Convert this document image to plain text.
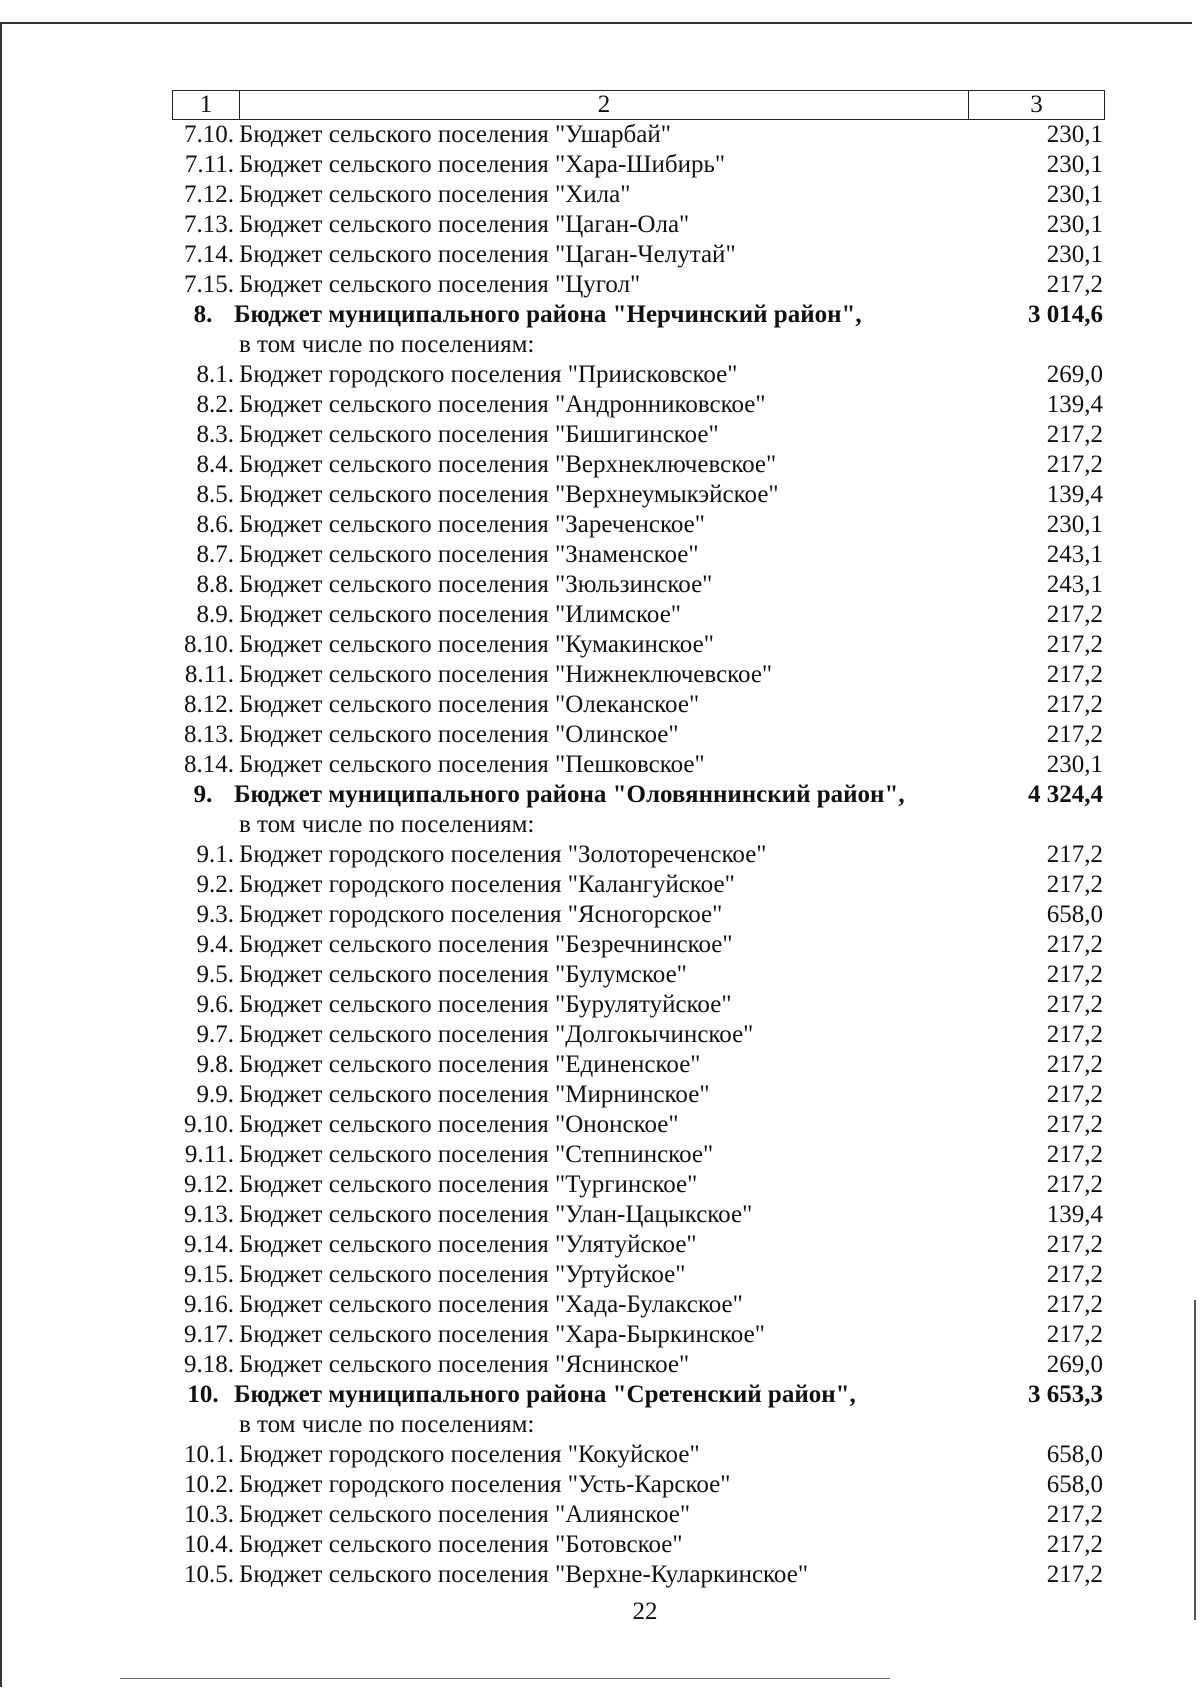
1	2	3
7.10. Бюджет сельского поселения "Ушарбай"	230,1
7.11. Бюджет сельского поселения "Хара-Шибирь"	230,1
7.12. Бюджет сельского поселения "Хила"	230,1
7.13. Бюджет сельского поселения "Цаган-Ола"	230,1
7.14. Бюджет сельского поселения "Цаган-Челутай"	230,1
7.15. Бюджет сельского поселения "Цугол"	217,2
8. Бюджет муниципального района "Нерчинский район",	3 014,6
в том числе по поселениям:
8.1. Бюджет городского поселения "Приисковское"	269,0
8.2. Бюджет сельского поселения "Андронниковское"	139,4
8.3. Бюджет сельского поселения "Бишигинское"	217,2
8.4. Бюджет сельского поселения "Верхнеключевское"	217,2
8.5. Бюджет сельского поселения "Верхнеумыкэйское"	139,4
8.6. Бюджет сельского поселения "Зареченское"	230,1
8.7. Бюджет сельского поселения "Знаменское"	243,1
8.8. Бюджет сельского поселения "Зюльзинское"	243,1
8.9. Бюджет сельского поселения "Илимское"	217,2
8.10. Бюджет сельского поселения "Кумакинское"	217,2
8.11. Бюджет сельского поселения "Нижнеключевское"	217,2
8.12. Бюджет сельского поселения "Олеканское"	217,2
8.13. Бюджет сельского поселения "Олинское"	217,2
8.14. Бюджет сельского поселения "Пешковское"	230,1
9. Бюджет муниципального района "Оловяннинский район",	4 324,4
в том числе по поселениям:
9.1. Бюджет городского поселения "Золотореченское"	217,2
9.2. Бюджет городского поселения "Калангуйское"	217,2
9.3. Бюджет городского поселения "Ясногорское"	658,0
9.4. Бюджет сельского поселения "Безречнинское"	217,2
9.5. Бюджет сельского поселения "Булумское"	217,2
9.6. Бюджет сельского поселения "Бурулятуйское"	217,2
9.7. Бюджет сельского поселения "Долгокычинское"	217,2
9.8. Бюджет сельского поселения "Единенское"	217,2
9.9. Бюджет сельского поселения "Мирнинское"	217,2
9.10. Бюджет сельского поселения "Ононское"	217,2
9.11. Бюджет сельского поселения "Степнинское"	217,2
9.12. Бюджет сельского поселения "Тургинское"	217,2
9.13. Бюджет сельского поселения "Улан-Цацыкское"	139,4
9.14. Бюджет сельского поселения "Улятуйское"	217,2
9.15. Бюджет сельского поселения "Уртуйское"	217,2
9.16. Бюджет сельского поселения "Хада-Булакское"	217,2
9.17. Бюджет сельского поселения "Хара-Быркинское"	217,2
9.18. Бюджет сельского поселения "Яснинское"	269,0
10. Бюджет муниципального района "Сретенский район",	3 653,3
в том числе по поселениям:
10.1. Бюджет городского поселения "Кокуйское"	658,0
10.2. Бюджет городского поселения "Усть-Карское"	658,0
10.3. Бюджет сельского поселения "Алиянское"	217,2
10.4. Бюджет сельского поселения "Ботовское"	217,2
10.5. Бюджет сельского поселения "Верхне-Куларкинское"	217,2
22
